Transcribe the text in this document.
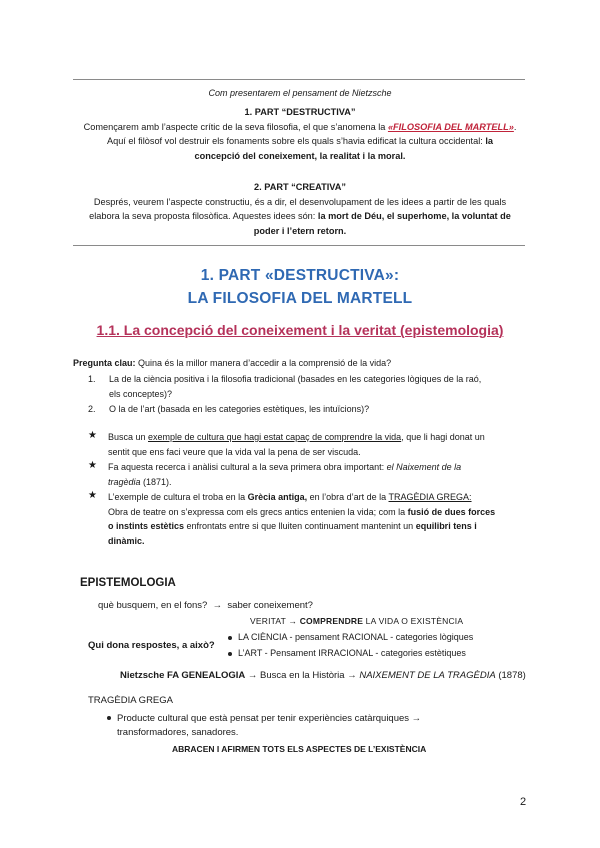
Com presentarem el pensament de Nietzsche
1. PART “DESTRUCTIVA”
Començarem amb l’aspecte crític de la seva filosofia, el que s’anomena la «FILOSOFIA DEL MARTELL».
Aquí el filòsof vol destruir els fonaments sobre els quals s’havia edificat la cultura occidental: la
concepció del coneixement, la realitat i la moral.
2. PART “CREATIVA”
Després, veurem l’aspecte constructiu, és a dir, el desenvolupament de les idees a partir de les quals
elabora la seva proposta filosòfica. Aquestes idees són: la mort de Déu, el superhome, la voluntat de
poder i l’etern retorn.
1. PART «DESTRUCTIVA»:
LA FILOSOFIA DEL MARTELL
1.1. La concepció del coneixement i la veritat (epistemologia)
Pregunta clau: Quina és la millor manera d’accedir a la comprensió de la vida?
1. La de la ciència positiva i la filosofia tradicional (basades en les categories lògiques de la raó,
els conceptes)?
2. O la de l’art (basada en les categories estètiques, les intuïcions)?
★ Busca un exemple de cultura que hagi estat capaç de comprendre la vida, que li hagi donat un
sentit que ens faci veure que la vida val la pena de ser viscuda.
★ Fa aquesta recerca i anàlisi cultural a la seva primera obra important: el Naixement de la
tragèdia (1871).
★ L’exemple de cultura el troba en la Grècia antiga, en l’obra d’art de la TRAGÈDIA GREGA:
Obra de teatre on s’expressa com els grecs antics entenien la vida; com la fusió de dues forces
o instints estètics enfrontats entre si que lluiten continuament mantenint un equilibri tens i
dinàmic.
EPISTEMOLOGIA
què busquem, en el fons? → saber coneixement?
VERITAT → COMPRENDRE LA VIDA O EXISTÈNCIA
Qui dona respostes, a això?
LA CIÈNCIA - pensament RACIONAL - categories lògiques
L’ART - Pensament IRRACIONAL - categories estètiques
Nietzsche FA GENEALOGIA → Busca en la Història → NAIXEMENT DE LA TRAGÈDIA (1878)
TRAGÈDIA GREGA
Producte cultural que està pensat per tenir experiències catàrquiques →
transformadores, sanadores.
ABRACEN I AFIRMEN TOTS ELS ASPECTES DE L’EXISTÈNCIA
2
